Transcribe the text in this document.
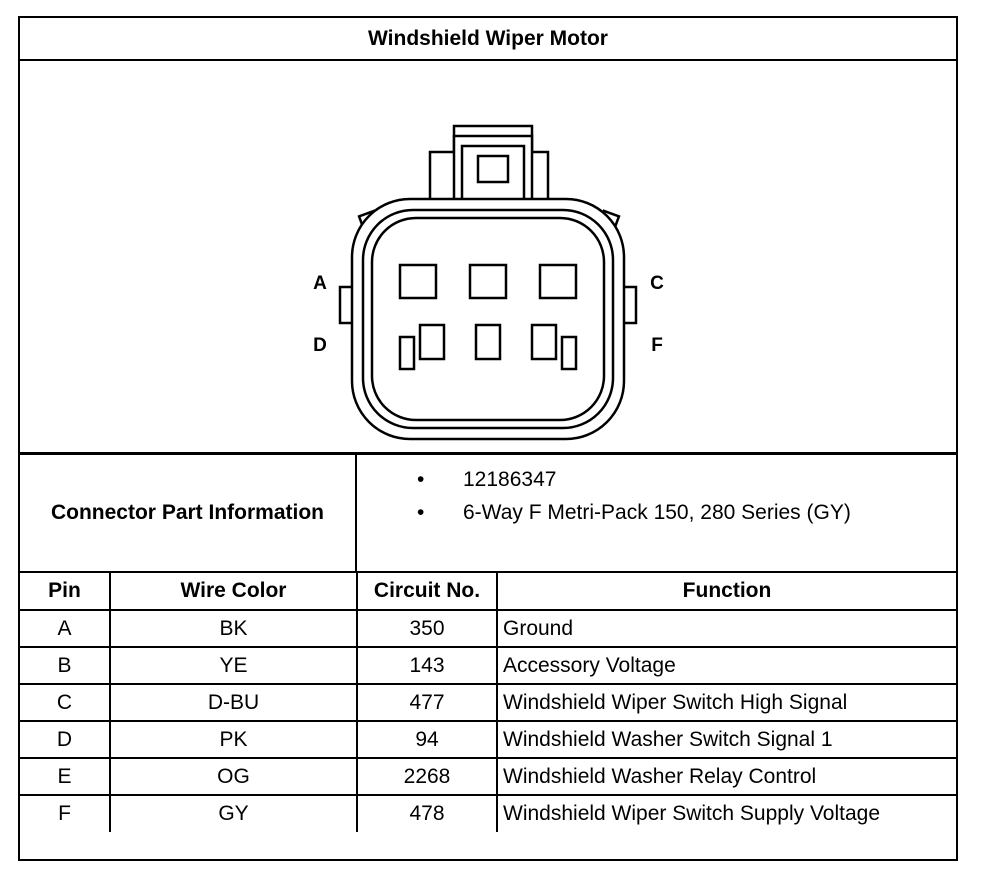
Windshield Wiper Motor
A
D
C
F
Connector Part Information
•	12186347
•	6-Way F Metri-Pack 150, 280 Series (GY)
Pin	Wire Color	Circuit No.	Function
A	BK	350	Ground
B	YE	143	Accessory Voltage
C	D-BU	477	Windshield Wiper Switch High Signal
D	PK	94	Windshield Washer Switch Signal 1
E	OG	2268	Windshield Washer Relay Control
F	GY	478	Windshield Wiper Switch Supply Voltage
